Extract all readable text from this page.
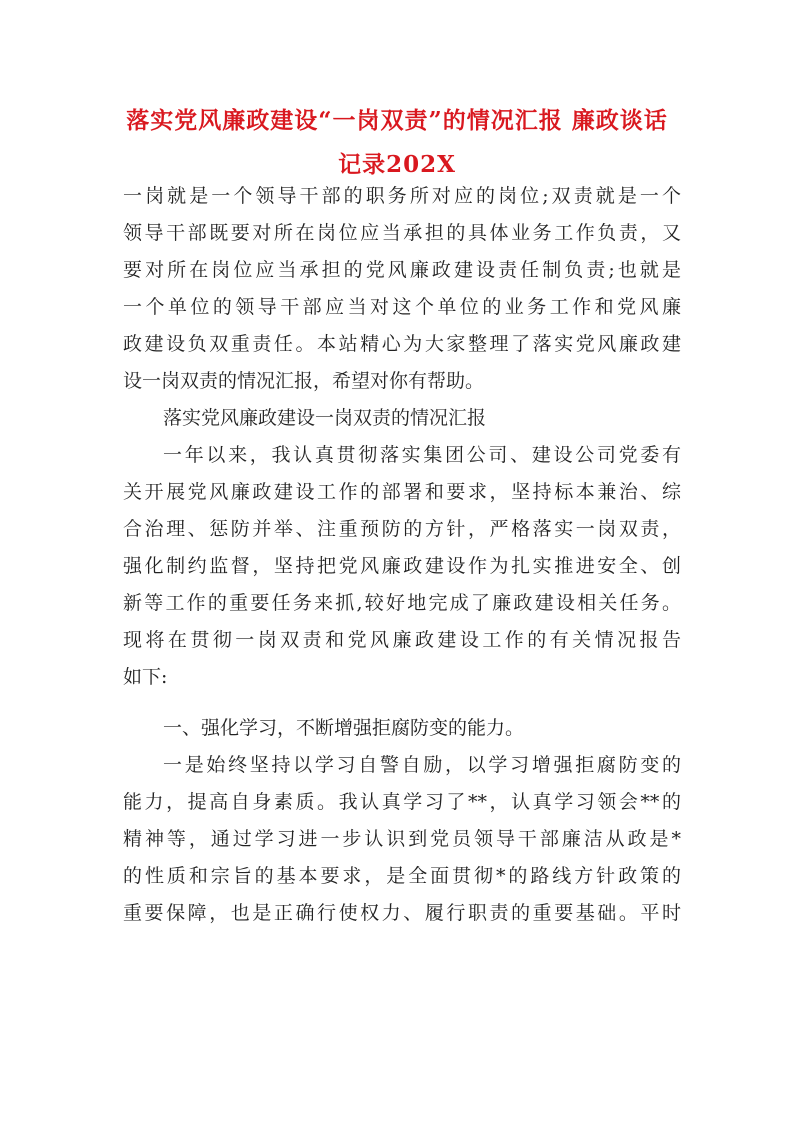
落实党风廉政建设“一岗双责”的情况汇报 廉政谈话
记录202X
一岗就是一个领导干部的职务所对应的岗位;双责就是一个
领导干部既要对所在岗位应当承担的具体业务工作负责，又
要对所在岗位应当承担的党风廉政建设责任制负责;也就是
一个单位的领导干部应当对这个单位的业务工作和党风廉
政建设负双重责任。本站精心为大家整理了落实党风廉政建
设一岗双责的情况汇报，希望对你有帮助。
落实党风廉政建设一岗双责的情况汇报
一年以来，我认真贯彻落实集团公司、建设公司党委有
关开展党风廉政建设工作的部署和要求，坚持标本兼治、综
合治理、惩防并举、注重预防的方针，严格落实一岗双责，
强化制约监督，坚持把党风廉政建设作为扎实推进安全、创
新等工作的重要任务来抓,较好地完成了廉政建设相关任务。
现将在贯彻一岗双责和党风廉政建设工作的有关情况报告
如下:
一、强化学习，不断增强拒腐防变的能力。
一是始终坚持以学习自警自励，以学习增强拒腐防变的
能力，提高自身素质。我认真学习了**，认真学习领会**的
精神等，通过学习进一步认识到党员领导干部廉洁从政是*
的性质和宗旨的基本要求，是全面贯彻*的路线方针政策的
重要保障，也是正确行使权力、履行职责的重要基础。平时
